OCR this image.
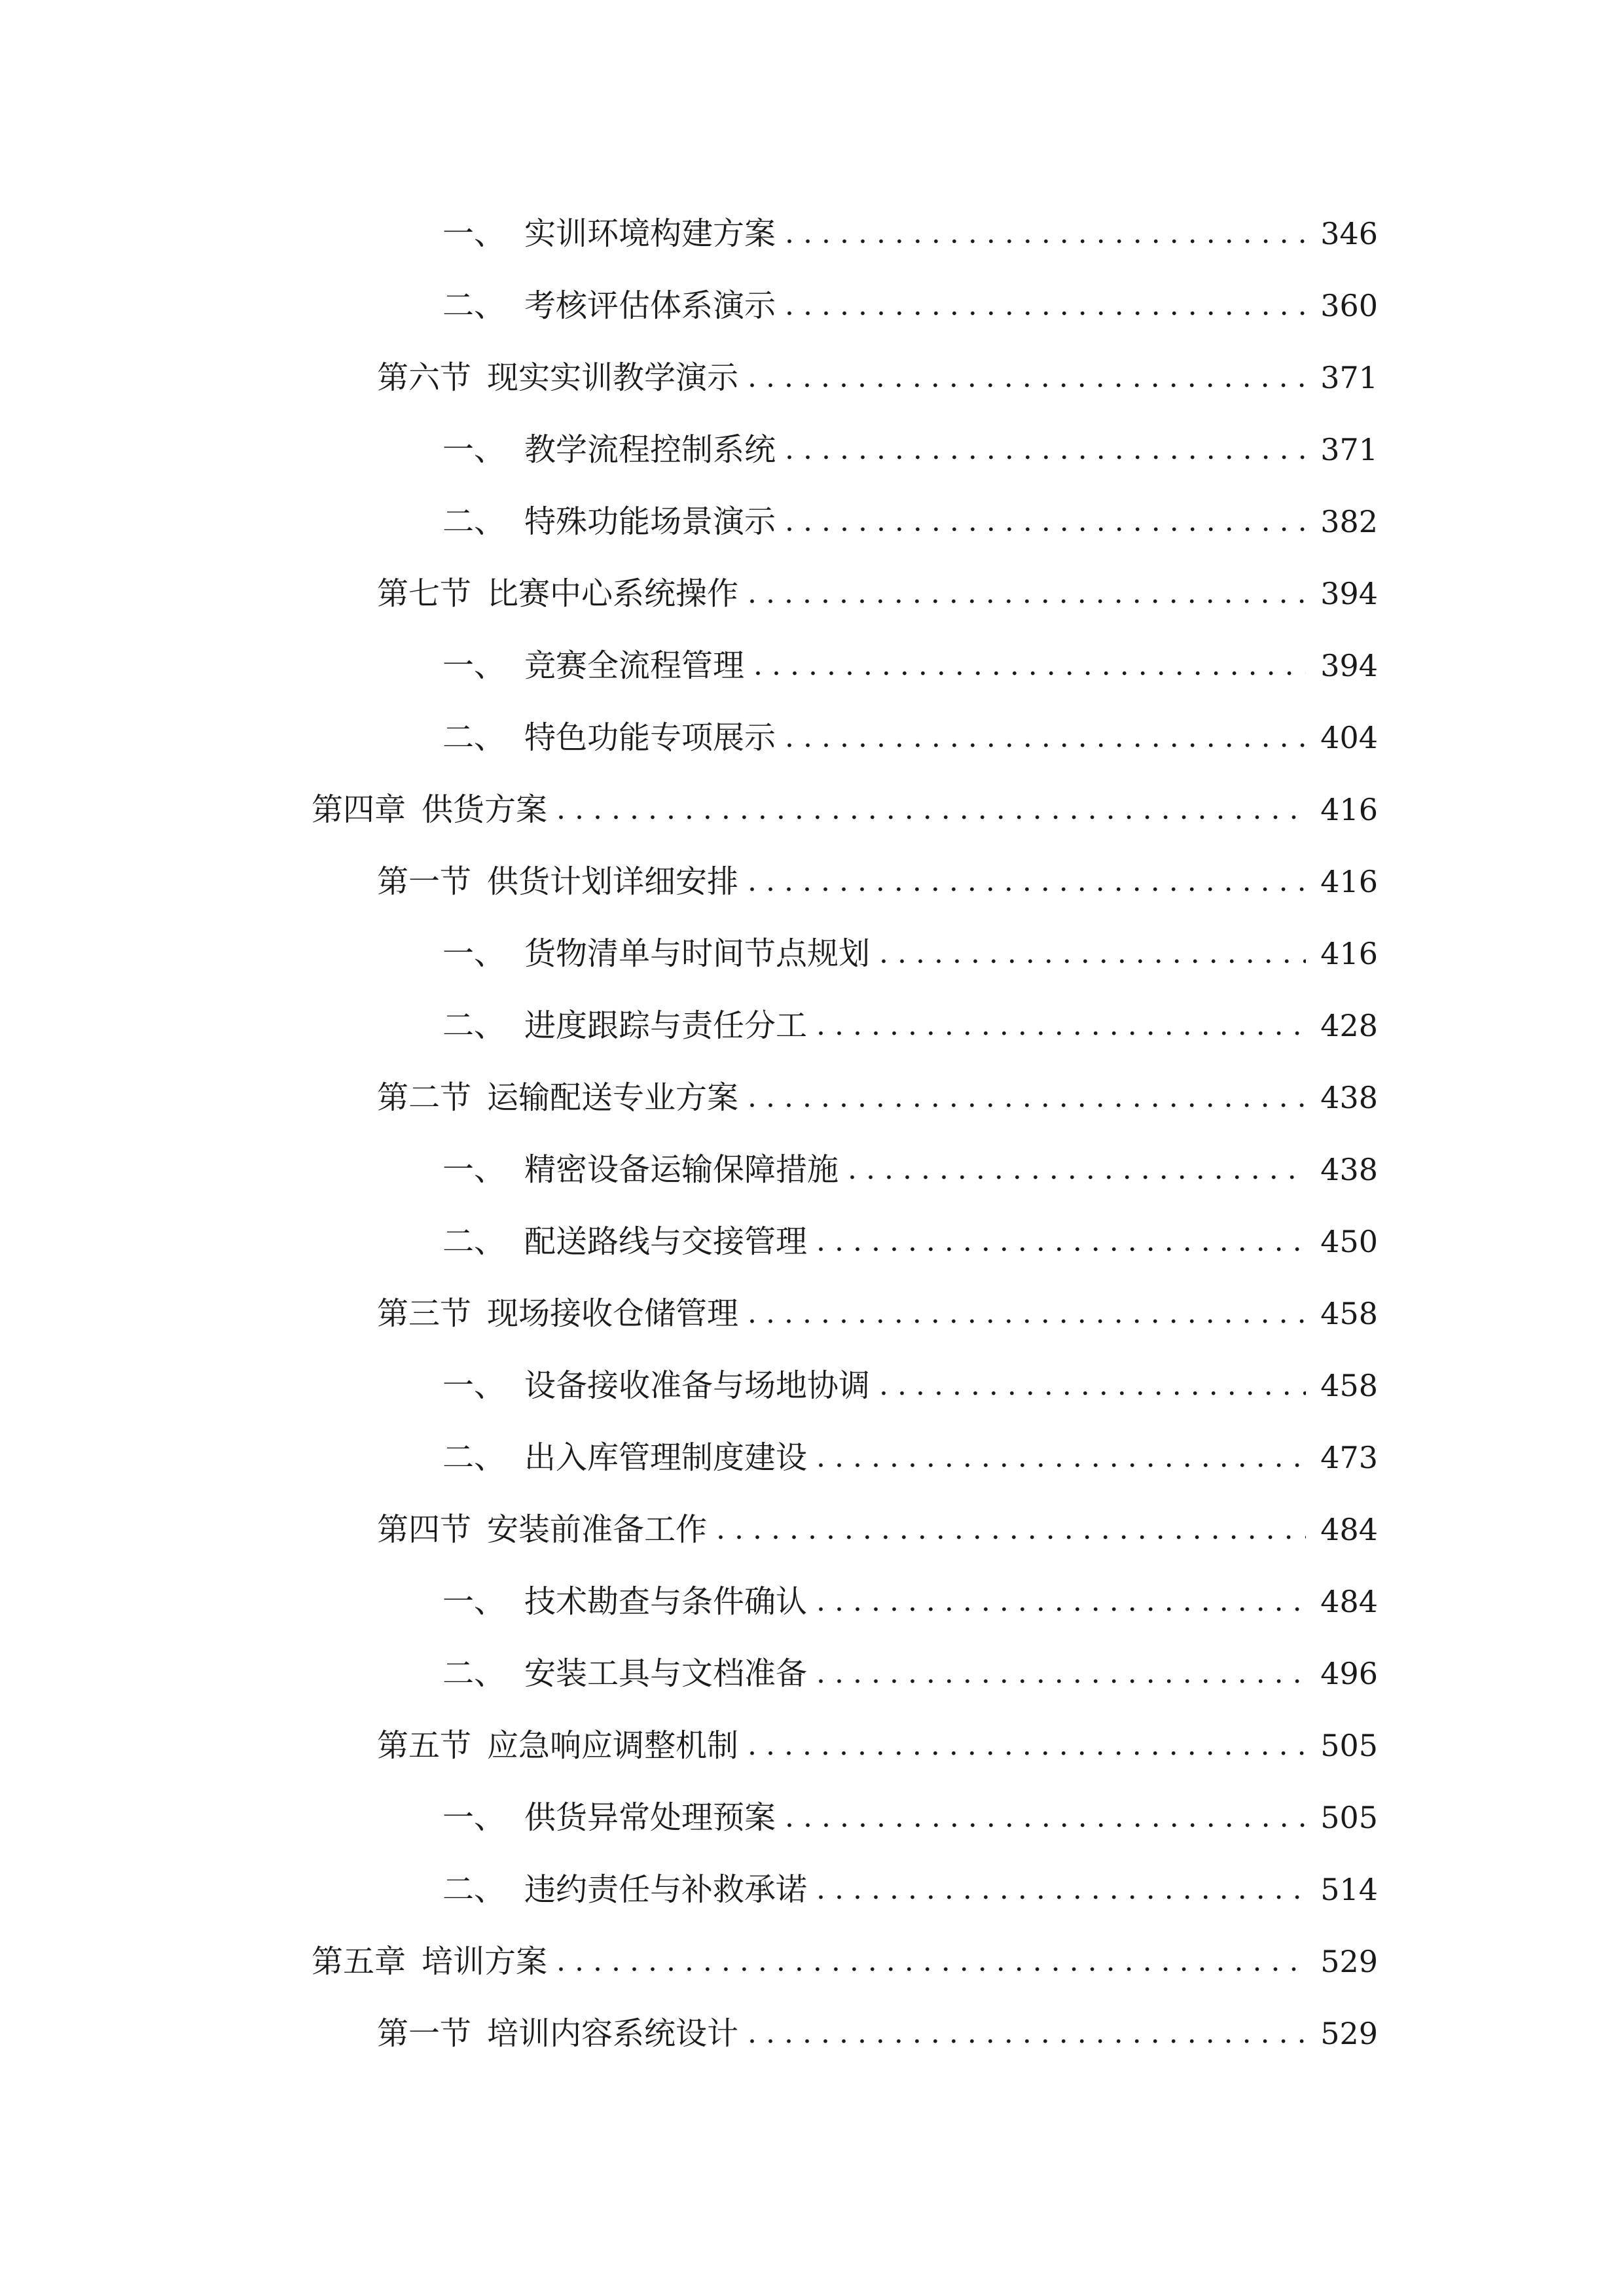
一、 实训环境构建方案 .....	346
二、 考核评估体系演示 .....	360
第六节 现实实训教学演示 .....	371
一、 教学流程控制系统 .....	371
二、 特殊功能场景演示 .....	382
第七节 比赛中心系统操作 .....	394
一、 竞赛全流程管理 .....	394
二、 特色功能专项展示 .....	404
第四章 供货方案 .....	416
第一节 供货计划详细安排 .....	416
一、 货物清单与时间节点规划 .....	416
二、 进度跟踪与责任分工 .....	428
第二节 运输配送专业方案 .....	438
一、 精密设备运输保障措施 .....	438
二、 配送路线与交接管理 .....	450
第三节 现场接收仓储管理 .....	458
一、 设备接收准备与场地协调 .....	458
二、 出入库管理制度建设 .....	473
第四节 安装前准备工作 .....	484
一、 技术勘查与条件确认 .....	484
二、 安装工具与文档准备 .....	496
第五节 应急响应调整机制 .....	505
一、 供货异常处理预案 .....	505
二、 违约责任与补救承诺 .....	514
第五章 培训方案 .....	529
第一节 培训内容系统设计 .....	529
